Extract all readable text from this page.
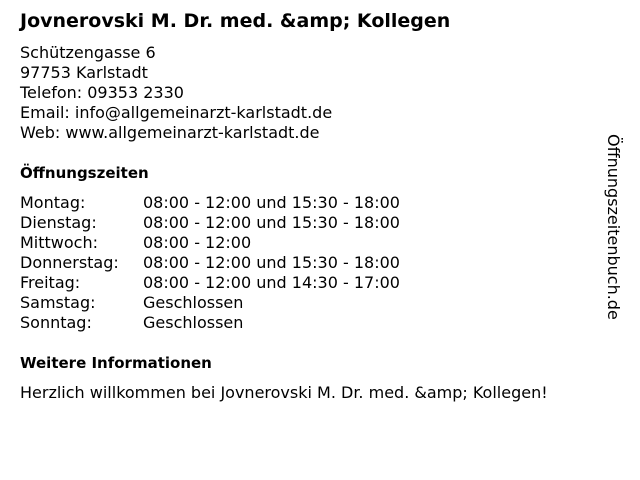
Jovnerovski M. Dr. med. &amp; Kollegen
Schützengasse 6
97753 Karlstadt
Telefon: 09353 2330
Email: info@allgemeinarzt-karlstadt.de
Web: www.allgemeinarzt-karlstadt.de
Öffnungszeiten
Montag:	08:00 - 12:00 und 15:30 - 18:00
Dienstag:	08:00 - 12:00 und 15:30 - 18:00
Mittwoch:	08:00 - 12:00
Donnerstag: 08:00 - 12:00 und 15:30 - 18:00
Freitag:	08:00 - 12:00 und 14:30 - 17:00
Samstag:	Geschlossen
Sonntag:	Geschlossen
Weitere Informationen
Herzlich willkommen bei Jovnerovski M. Dr. med. &amp; Kollegen!
Öffnungszeitenbuch.de
